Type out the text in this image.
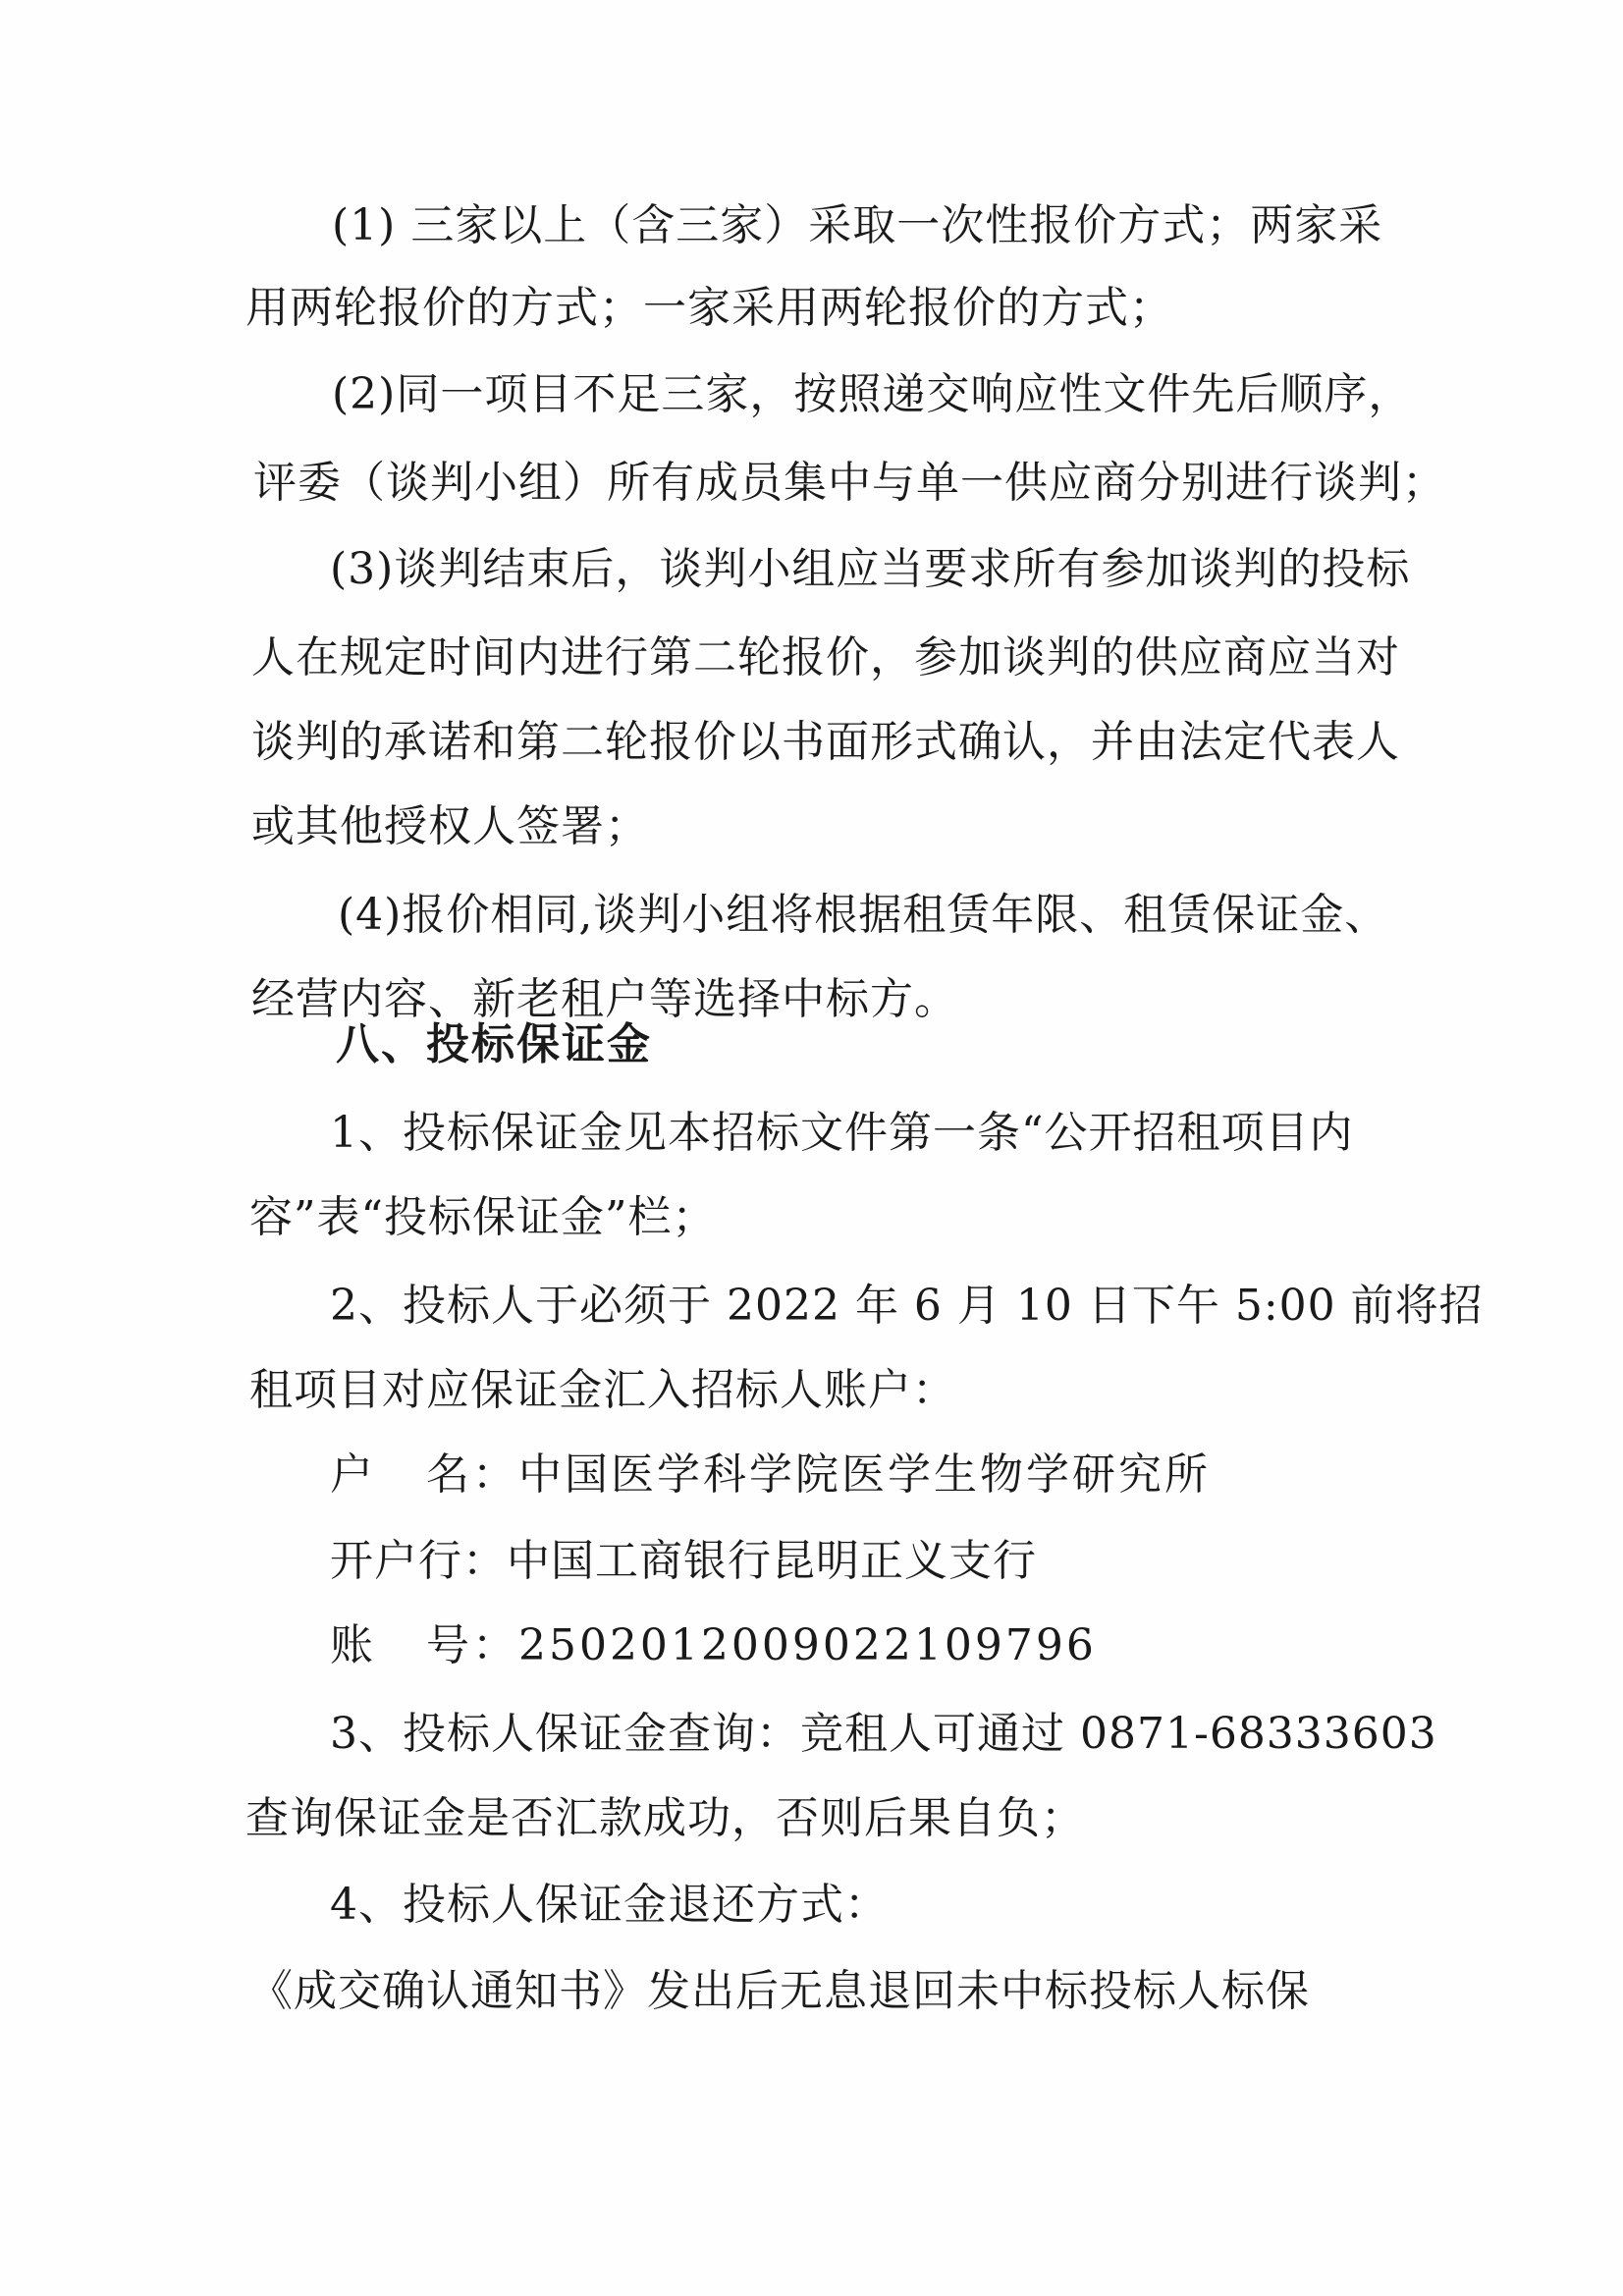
(1) 三家以上（含三家）采取一次性报价方式；两家采
用两轮报价的方式；一家采用两轮报价的方式；
(2)同一项目不足三家，按照递交响应性文件先后顺序，
评委（谈判小组）所有成员集中与单一供应商分别进行谈判；
(3)谈判结束后，谈判小组应当要求所有参加谈判的投标
人在规定时间内进行第二轮报价，参加谈判的供应商应当对
谈判的承诺和第二轮报价以书面形式确认，并由法定代表人
或其他授权人签署；
(4)报价相同,谈判小组将根据租赁年限、租赁保证金、
经营内容、新老租户等选择中标方。
八、投标保证金
1、投标保证金见本招标文件第一条“公开招租项目内
容”表“投标保证金”栏；
2、投标人于必须于 2022 年 6 月 10 日下午 5:00 前将招
租项目对应保证金汇入招标人账户：
户   名：中国医学科学院医学生物学研究所
开户行：中国工商银行昆明正义支行
账   号：2502012009022109796
3、投标人保证金查询：竞租人可通过 0871-68333603
查询保证金是否汇款成功，否则后果自负；
4、投标人保证金退还方式：
《成交确认通知书》发出后无息退回未中标投标人标保
